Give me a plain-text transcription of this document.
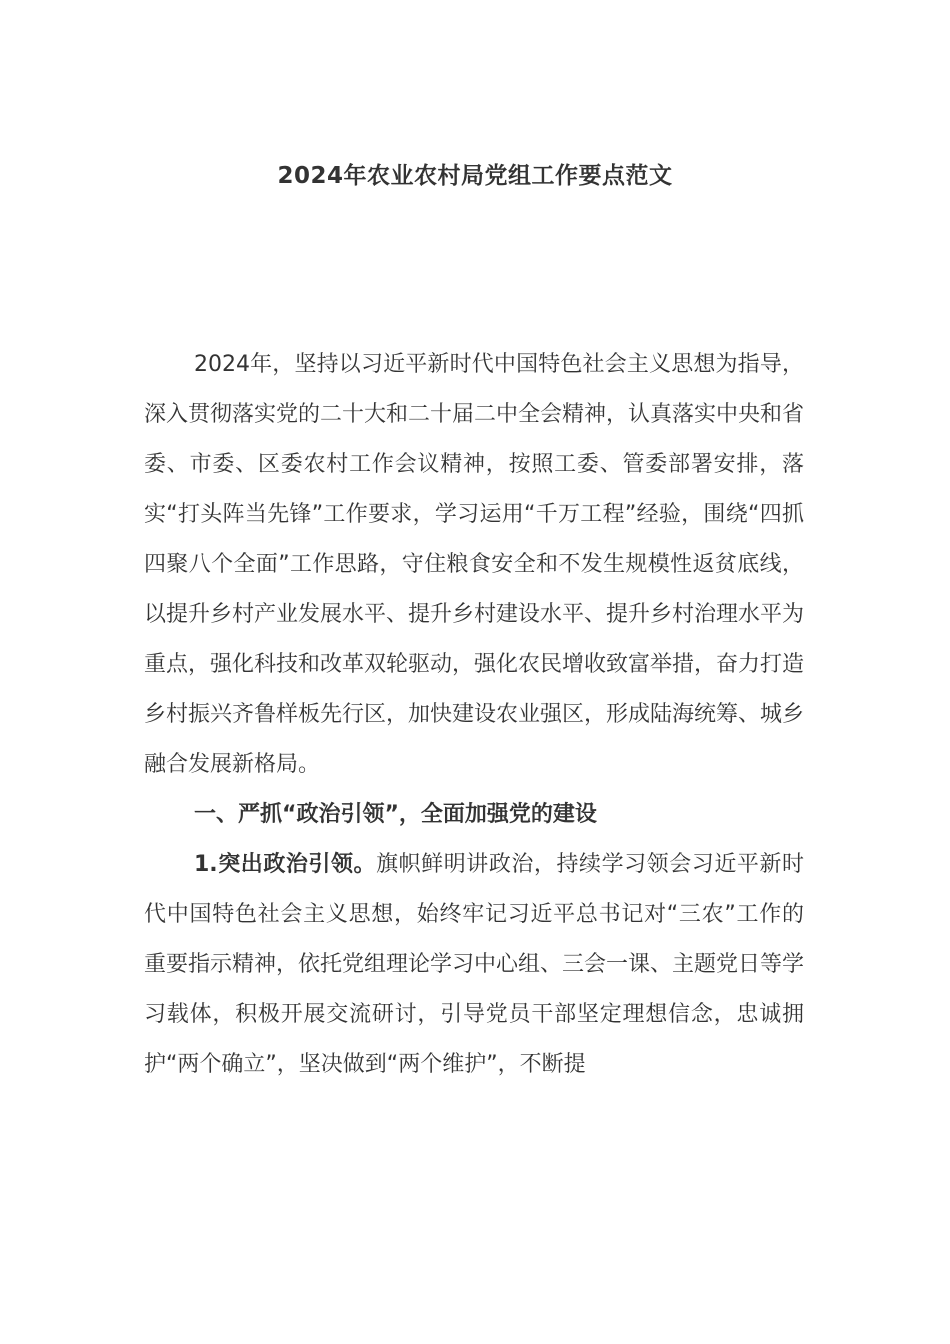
2024年农业农村局党组工作要点范文

2024年，坚持以习近平新时代中国特色社会主义思想为指导，深入贯彻落实党的二十大和二十届二中全会精神，认真落实中央和省委、市委、区委农村工作会议精神，按照工委、管委部署安排，落实“打头阵当先锋”工作要求，学习运用“千万工程”经验，围绕“四抓四聚八个全面”工作思路，守住粮食安全和不发生规模性返贫底线，以提升乡村产业发展水平、提升乡村建设水平、提升乡村治理水平为重点，强化科技和改革双轮驱动，强化农民增收致富举措，奋力打造乡村振兴齐鲁样板先行区，加快建设农业强区，形成陆海统筹、城乡融合发展新格局。

一、严抓“政治引领”，全面加强党的建设

1.突出政治引领。旗帜鲜明讲政治，持续学习领会习近平新时代中国特色社会主义思想，始终牢记习近平总书记对“三农”工作的重要指示精神，依托党组理论学习中心组、三会一课、主题党日等学习载体，积极开展交流研讨，引导党员干部坚定理想信念，忠诚拥护“两个确立”，坚决做到“两个维护”，不断提
